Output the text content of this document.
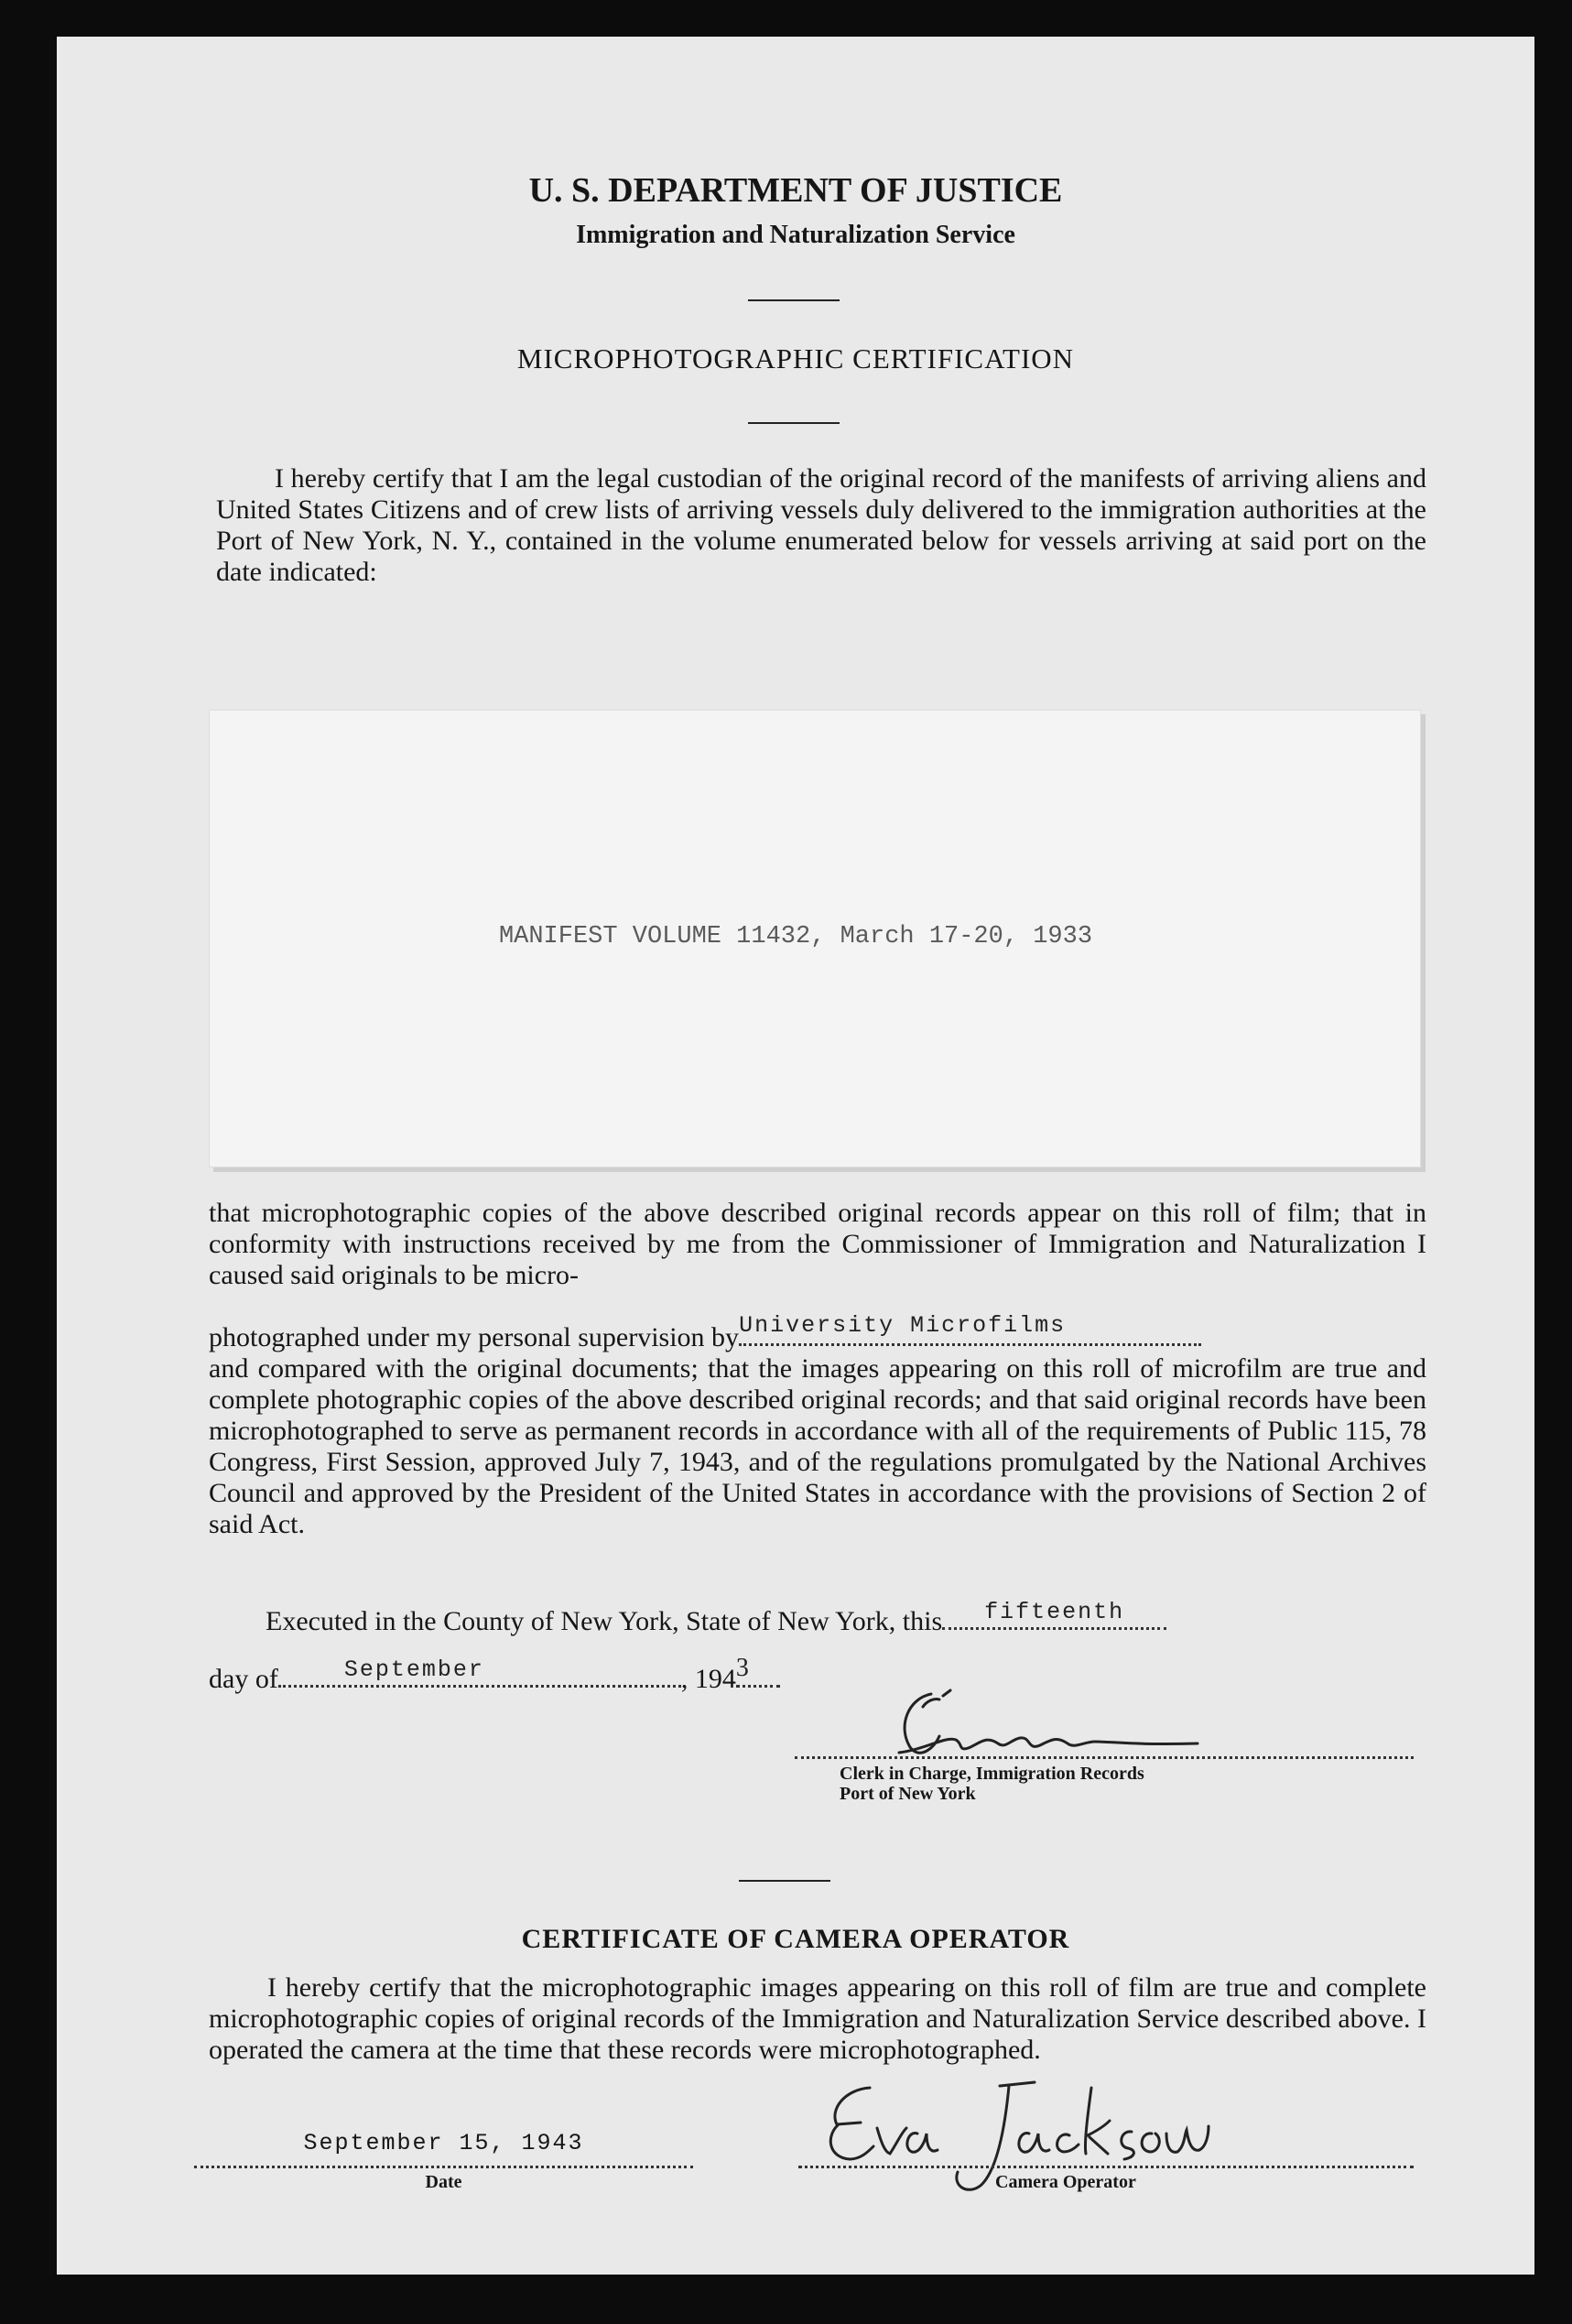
U. S. DEPARTMENT OF JUSTICE
Immigration and Naturalization Service
MICROPHOTOGRAPHIC CERTIFICATION
I hereby certify that I am the legal custodian of the original record of the manifests of arriving aliens and United States Citizens and of crew lists of arriving vessels duly delivered to the immigration authorities at the Port of New York, N. Y., contained in the volume enumerated below for vessels arriving at said port on the date indicated:
MANIFEST VOLUME 11432, March 17-20, 1933
that microphotographic copies of the above described original records appear on this roll of film; that in conformity with instructions received by me from the Commissioner of Immigration and Naturalization I caused said originals to be micro-
photographed under my personal supervision by University Microfilms
and compared with the original documents; that the images appearing on this roll of microfilm are true and complete photographic copies of the above described original records; and that said original records have been microphotographed to serve as permanent records in accordance with all of the requirements of Public 115, 78 Congress, First Session, approved July 7, 1943, and of the regulations promulgated by the National Archives Council and approved by the President of the United States in accordance with the provisions of Section 2 of said Act.
Executed in the County of New York, State of New York, this	fifteenth
day of	September	, 194 3
Clerk in Charge, Immigration Records
Port of New York
CERTIFICATE OF CAMERA OPERATOR
I hereby certify that the microphotographic images appearing on this roll of film are true and complete microphotographic copies of original records of the Immigration and Naturalization Service described above. I operated the camera at the time that these records were microphotographed.
September 15, 1943
Date	Camera Operator
